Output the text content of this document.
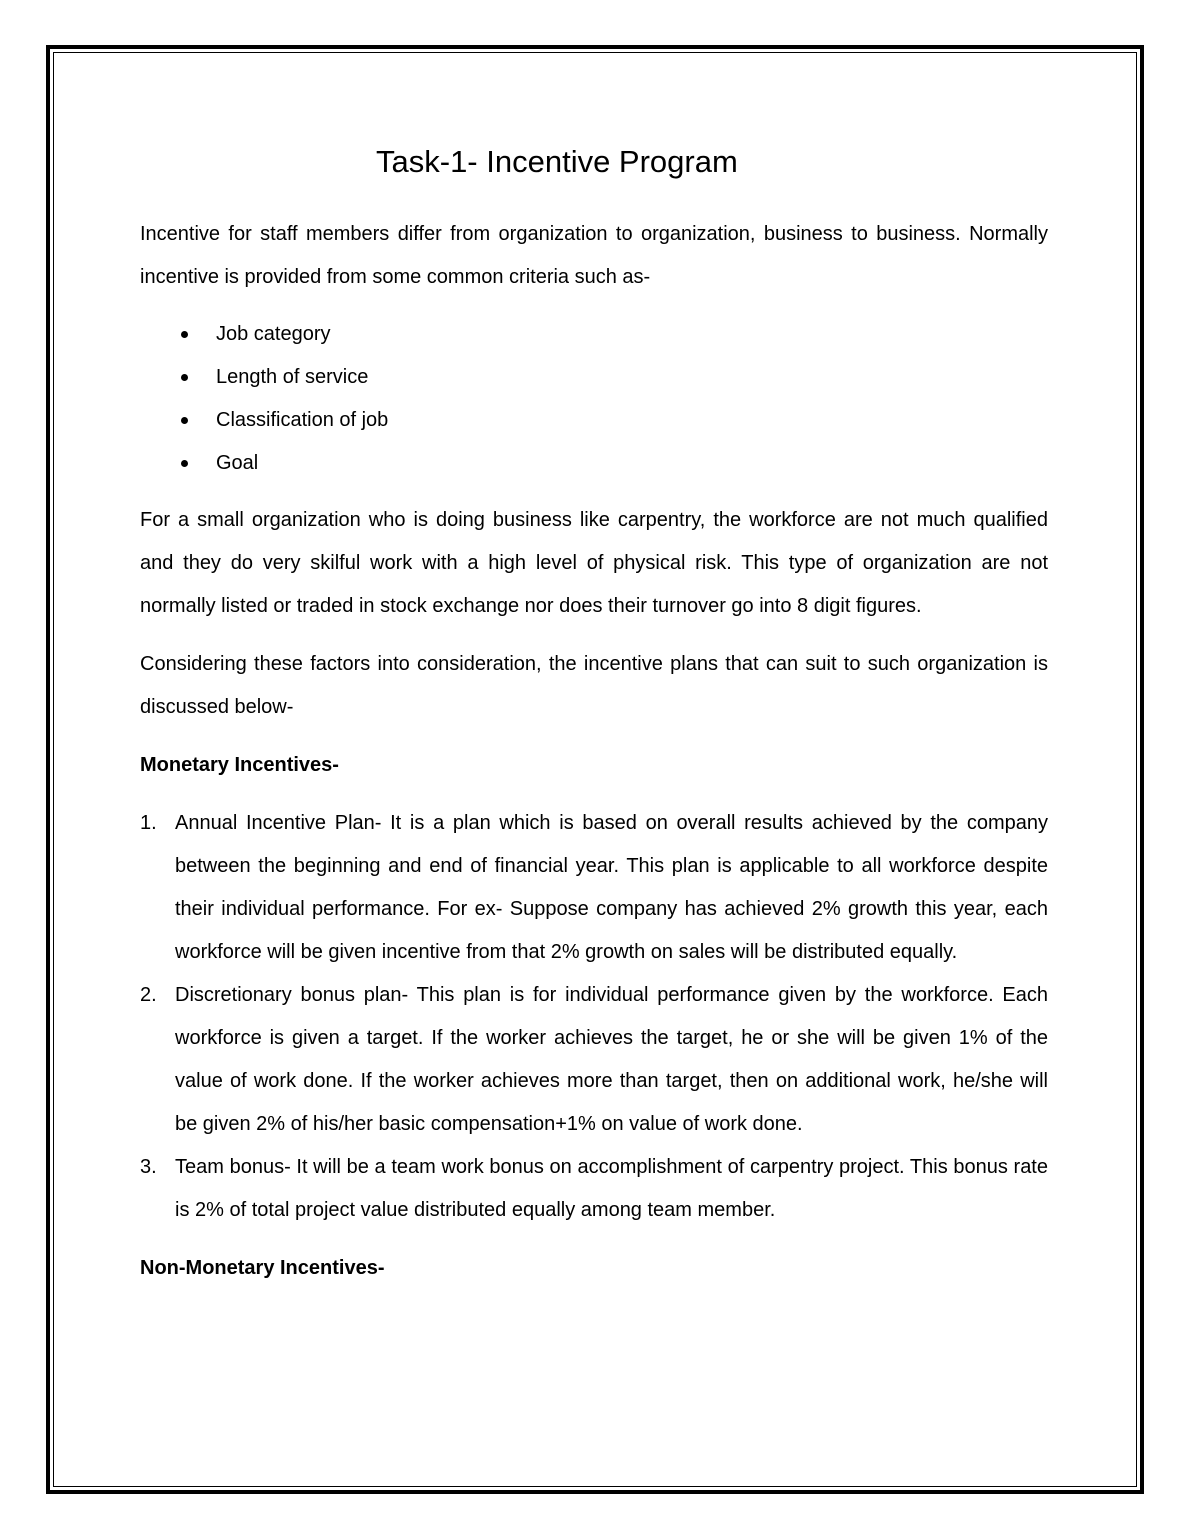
Task-1- Incentive Program

Incentive for staff members differ from organization to organization, business to business. Normally incentive is provided from some common criteria such as-

Job category
Length of service
Classification of job
Goal

For a small organization who is doing business like carpentry, the workforce are not much qualified and they do very skilful work with a high level of physical risk. This type of organization are not normally listed or traded in stock exchange nor does their turnover go into 8 digit figures.

Considering these factors into consideration, the incentive plans that can suit to such organization is discussed below-

Monetary Incentives-

1. Annual Incentive Plan- It is a plan which is based on overall results achieved by the company between the beginning and end of financial year. This plan is applicable to all workforce despite their individual performance. For ex- Suppose company has achieved 2% growth this year, each workforce will be given incentive from that 2% growth on sales will be distributed equally.
2. Discretionary bonus plan- This plan is for individual performance given by the workforce. Each workforce is given a target. If the worker achieves the target, he or she will be given 1% of the value of work done. If the worker achieves more than target, then on additional work, he/she will be given 2% of his/her basic compensation+1% on value of work done.
3. Team bonus- It will be a team work bonus on accomplishment of carpentry project. This bonus rate is 2% of total project value distributed equally among team member.

Non-Monetary Incentives-
